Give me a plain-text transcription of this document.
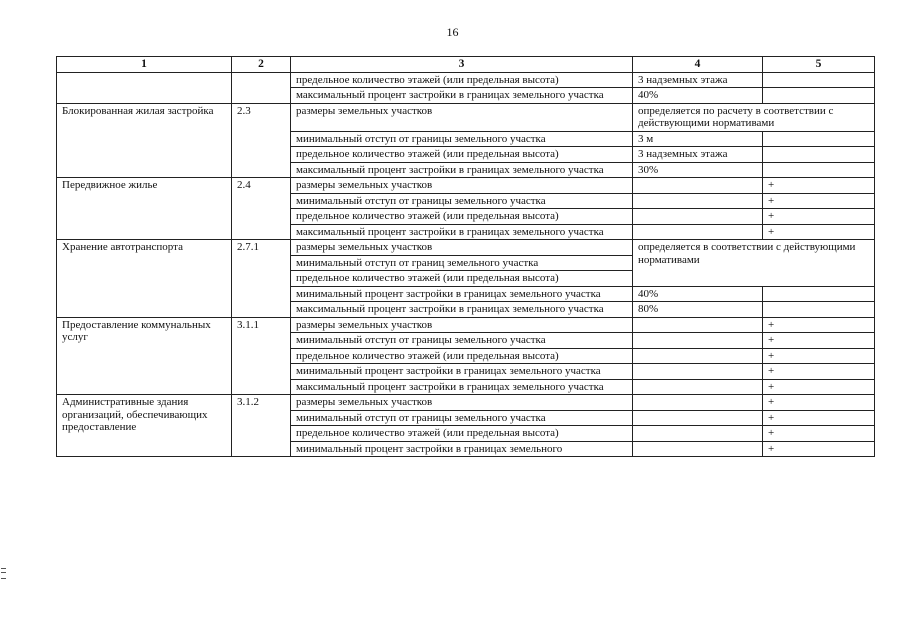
16
1	2	3	4	5
		предельное количество этажей (или предельная высота)	3 надземных этажа	
		максимальный процент застройки в границах земельного участка	40%	
Блокированная жилая застройка	2.3	размеры земельных участков	определяется по расчету в соответствии с действующими нормативами	
		минимальный отступ от границы земельного участка	3 м	
		предельное количество этажей (или предельная высота)	3 надземных этажа	
		максимальный процент застройки в границах земельного участка	30%	
Передвижное жилье	2.4	размеры земельных участков		+
		минимальный отступ от границы земельного участка		+
		предельное количество этажей (или предельная высота)		+
		максимальный процент застройки в границах земельного участка		+
Хранение автотранспорта	2.7.1	размеры земельных участков	определяется в соответствии с действующими нормативами	
		минимальный отступ от границ земельного участка		
		предельное количество этажей (или предельная высота)		
		минимальный процент застройки в границах земельного участка	40%	
		максимальный процент застройки в границах земельного участка	80%	
Предоставление коммунальных услуг	3.1.1	размеры земельных участков		+
		минимальный отступ от границы земельного участка		+
		предельное количество этажей (или предельная высота)		+
		минимальный процент застройки в границах земельного участка		+
		максимальный процент застройки в границах земельного участка		+
Административные здания организаций, обеспечивающих предоставление	3.1.2	размеры земельных участков		+
		минимальный отступ от границы земельного участка		+
		предельное количество этажей (или предельная высота)		+
		минимальный процент застройки в границах земельного		+
